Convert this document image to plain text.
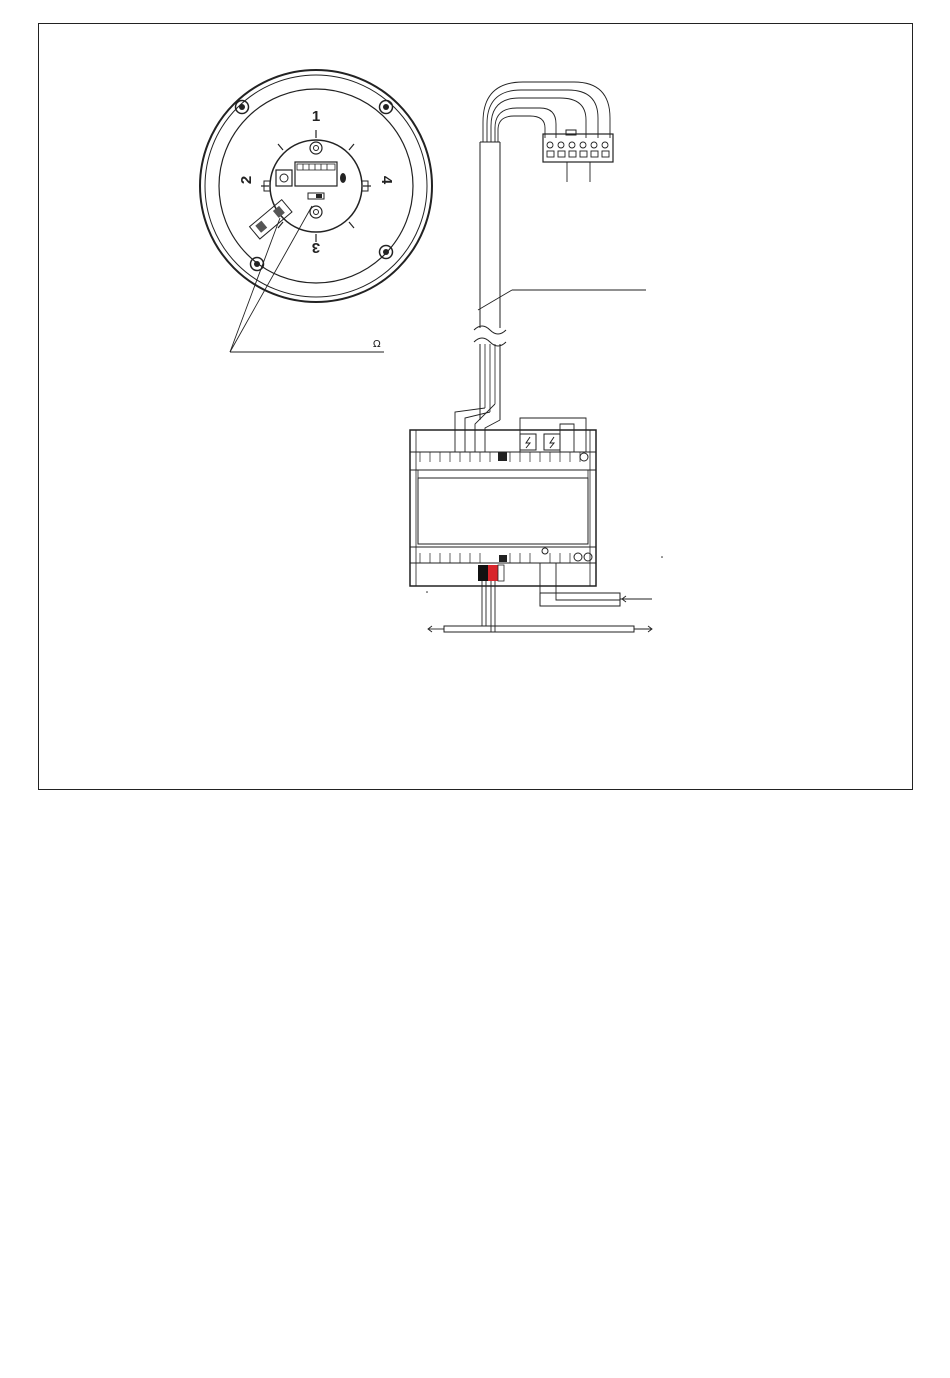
1
2
3
4
Ω
